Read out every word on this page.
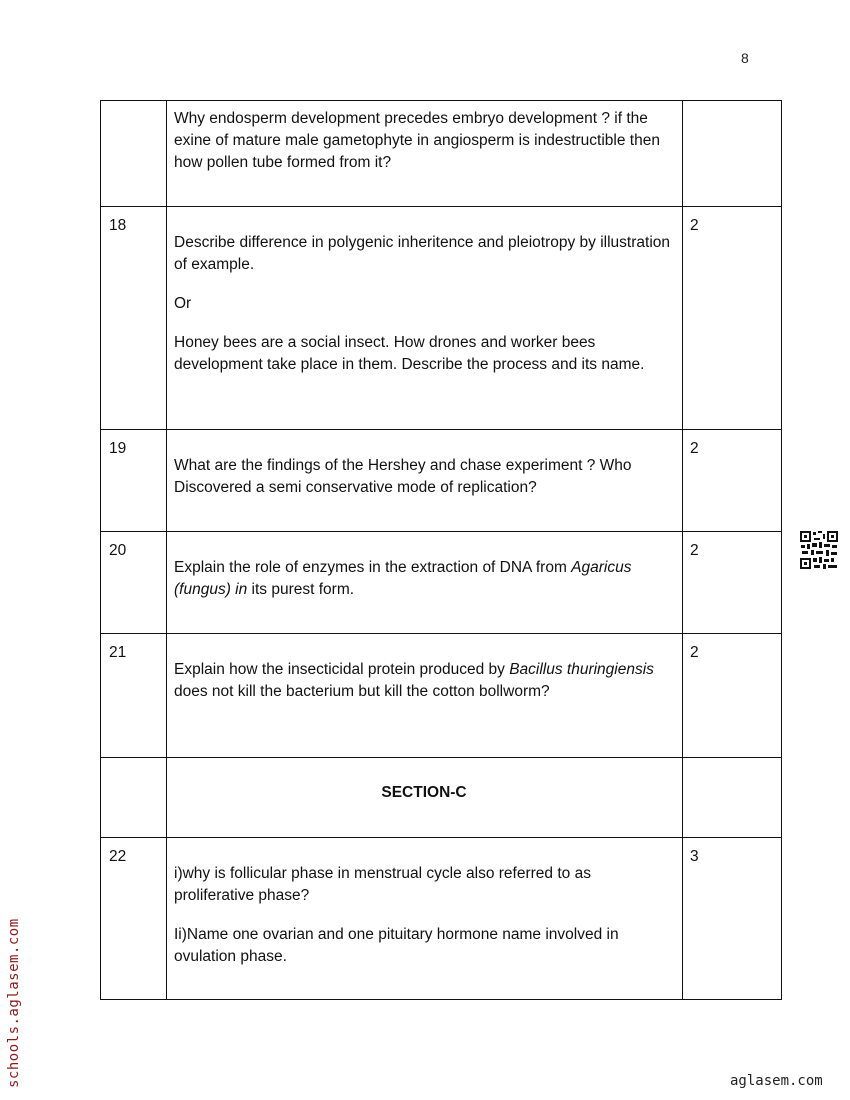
8

	Why endosperm development precedes embryo development ? if the exine of mature male gametophyte in angiosperm is indestructible then how pollen tube formed from it?	

18	Describe difference in polygenic inheritence and pleiotropy by illustration of example.

Or

Honey bees are a social insect. How drones and worker bees development take place in them. Describe the process and its name.	2
19	What are the findings of the Hershey and chase experiment ? Who Discovered a semi conservative mode of replication?	2
20	Explain the role of enzymes in the extraction of DNA from Agaricus (fungus) in its purest form.	2
21	Explain how the insecticidal protein produced by Bacillus thuringiensis does not kill the bacterium but kill the cotton bollworm?	2

	SECTION-C	

22	i)why is follicular phase in menstrual cycle also referred to as proliferative phase?

Ii)Name one ovarian and one pituitary hormone name involved in ovulation phase.	3
schools.aglasem.com	aglasem.com
